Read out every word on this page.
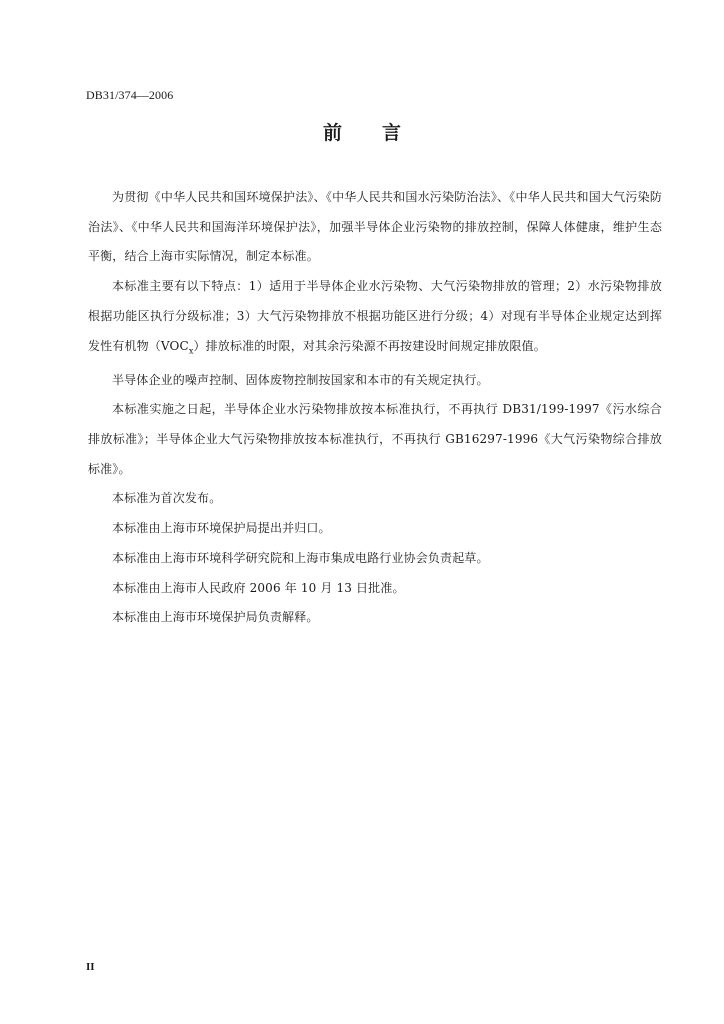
DB31/374—2006
前 言

为贯彻《中华人民共和国环境保护法》、《中华人民共和国水污染防治法》、《中华人民共和国大气污染防治法》、《中华人民共和国海洋环境保护法》，加强半导体企业污染物的排放控制，保障人体健康，维护生态平衡，结合上海市实际情况，制定本标准。

本标准主要有以下特点：1）适用于半导体企业水污染物、大气污染物排放的管理；2）水污染物排放根据功能区执行分级标准；3）大气污染物排放不根据功能区进行分级；4）对现有半导体企业规定达到挥发性有机物$(VOC_x)$排放标准的时限，对其余污染源不再按建设时间规定排放限值。

半导体企业的噪声控制、固体废物控制按国家和本市的有关规定执行。

本标准实施之日起，半导体企业水污染物排放按本标准执行，不再执行 DB31/199-1997《污水综合排放标准》；半导体企业大气污染物排放按本标准执行，不再执行 GB16297-1996《大气污染物综合排放标准》。

本标准为首次发布。

本标准由上海市环境保护局提出并归口。

本标准由上海市环境科学研究院和上海市集成电路行业协会负责起草。

本标准由上海市人民政府 2006 年 10 月 13 日批准。

本标准由上海市环境保护局负责解释。

II
